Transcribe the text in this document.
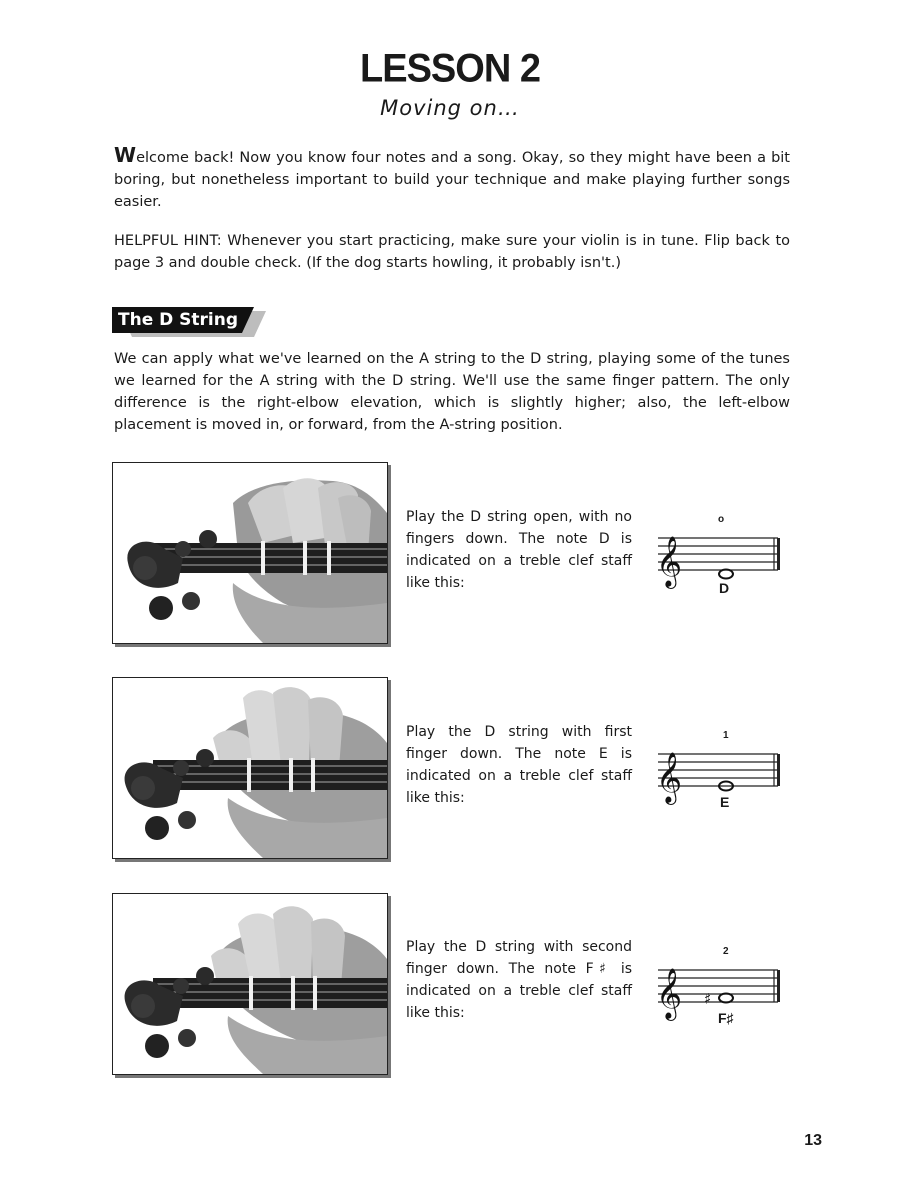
LESSON 2
Moving on…
Welcome back! Now you know four notes and a song. Okay, so they might have been a bit boring, but nonetheless important to build your technique and make playing further songs easier.
HELPFUL HINT: Whenever you start practicing, make sure your violin is in tune. Flip back to page 3 and double check. (If the dog starts howling, it probably isn't.)
The D String
We can apply what we've learned on the A string to the D string, playing some of the tunes we learned for the A string with the D string. We'll use the same finger pattern. The only difference is the right-elbow elevation, which is slightly higher; also, the left-elbow placement is moved in, or forward, from the A-string position.
Play the D string open, with no fingers down. The note D is indicated on a treble clef staff like this:	𝄞
o
D
Play the D string with first finger down. The note E is indicated on a treble clef staff like this:	𝄞
1
E
Play the D string with second finger down. The note F♯ is indicated on a treble clef staff like this:	𝄞 ♯
2
F♯
13
